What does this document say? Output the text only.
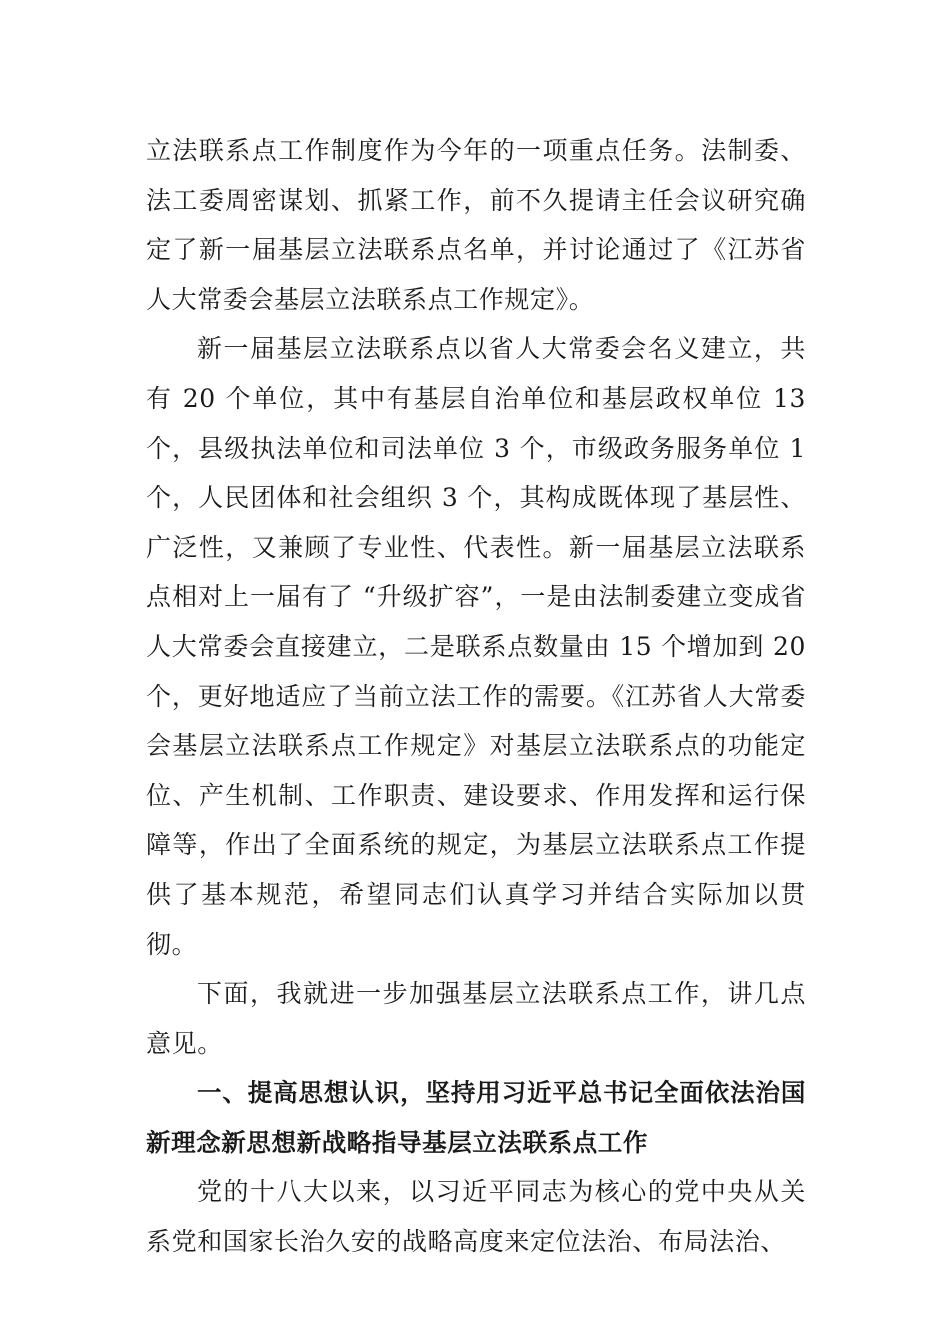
立法联系点工作制度作为今年的一项重点任务。法制委、法工委周密谋划、抓紧工作，前不久提请主任会议研究确定了新一届基层立法联系点名单，并讨论通过了《江苏省人大常委会基层立法联系点工作规定》。

新一届基层立法联系点以省人大常委会名义建立，共有 20 个单位，其中有基层自治单位和基层政权单位 13 个，县级执法单位和司法单位 3 个，市级政务服务单位 1 个，人民团体和社会组织 3 个，其构成既体现了基层性、广泛性，又兼顾了专业性、代表性。新一届基层立法联系点相对上一届有了 “升级扩容”，一是由法制委建立变成省人大常委会直接建立，二是联系点数量由 15 个增加到 20 个，更好地适应了当前立法工作的需要。《江苏省人大常委会基层立法联系点工作规定》对基层立法联系点的功能定位、产生机制、工作职责、建设要求、作用发挥和运行保障等，作出了全面系统的规定，为基层立法联系点工作提供了基本规范，希望同志们认真学习并结合实际加以贯彻。

下面，我就进一步加强基层立法联系点工作，讲几点意见。

一、提高思想认识，坚持用习近平总书记全面依法治国新理念新思想新战略指导基层立法联系点工作

党的十八大以来，以习近平同志为核心的党中央从关系党和国家长治久安的战略高度来定位法治、布局法治、
